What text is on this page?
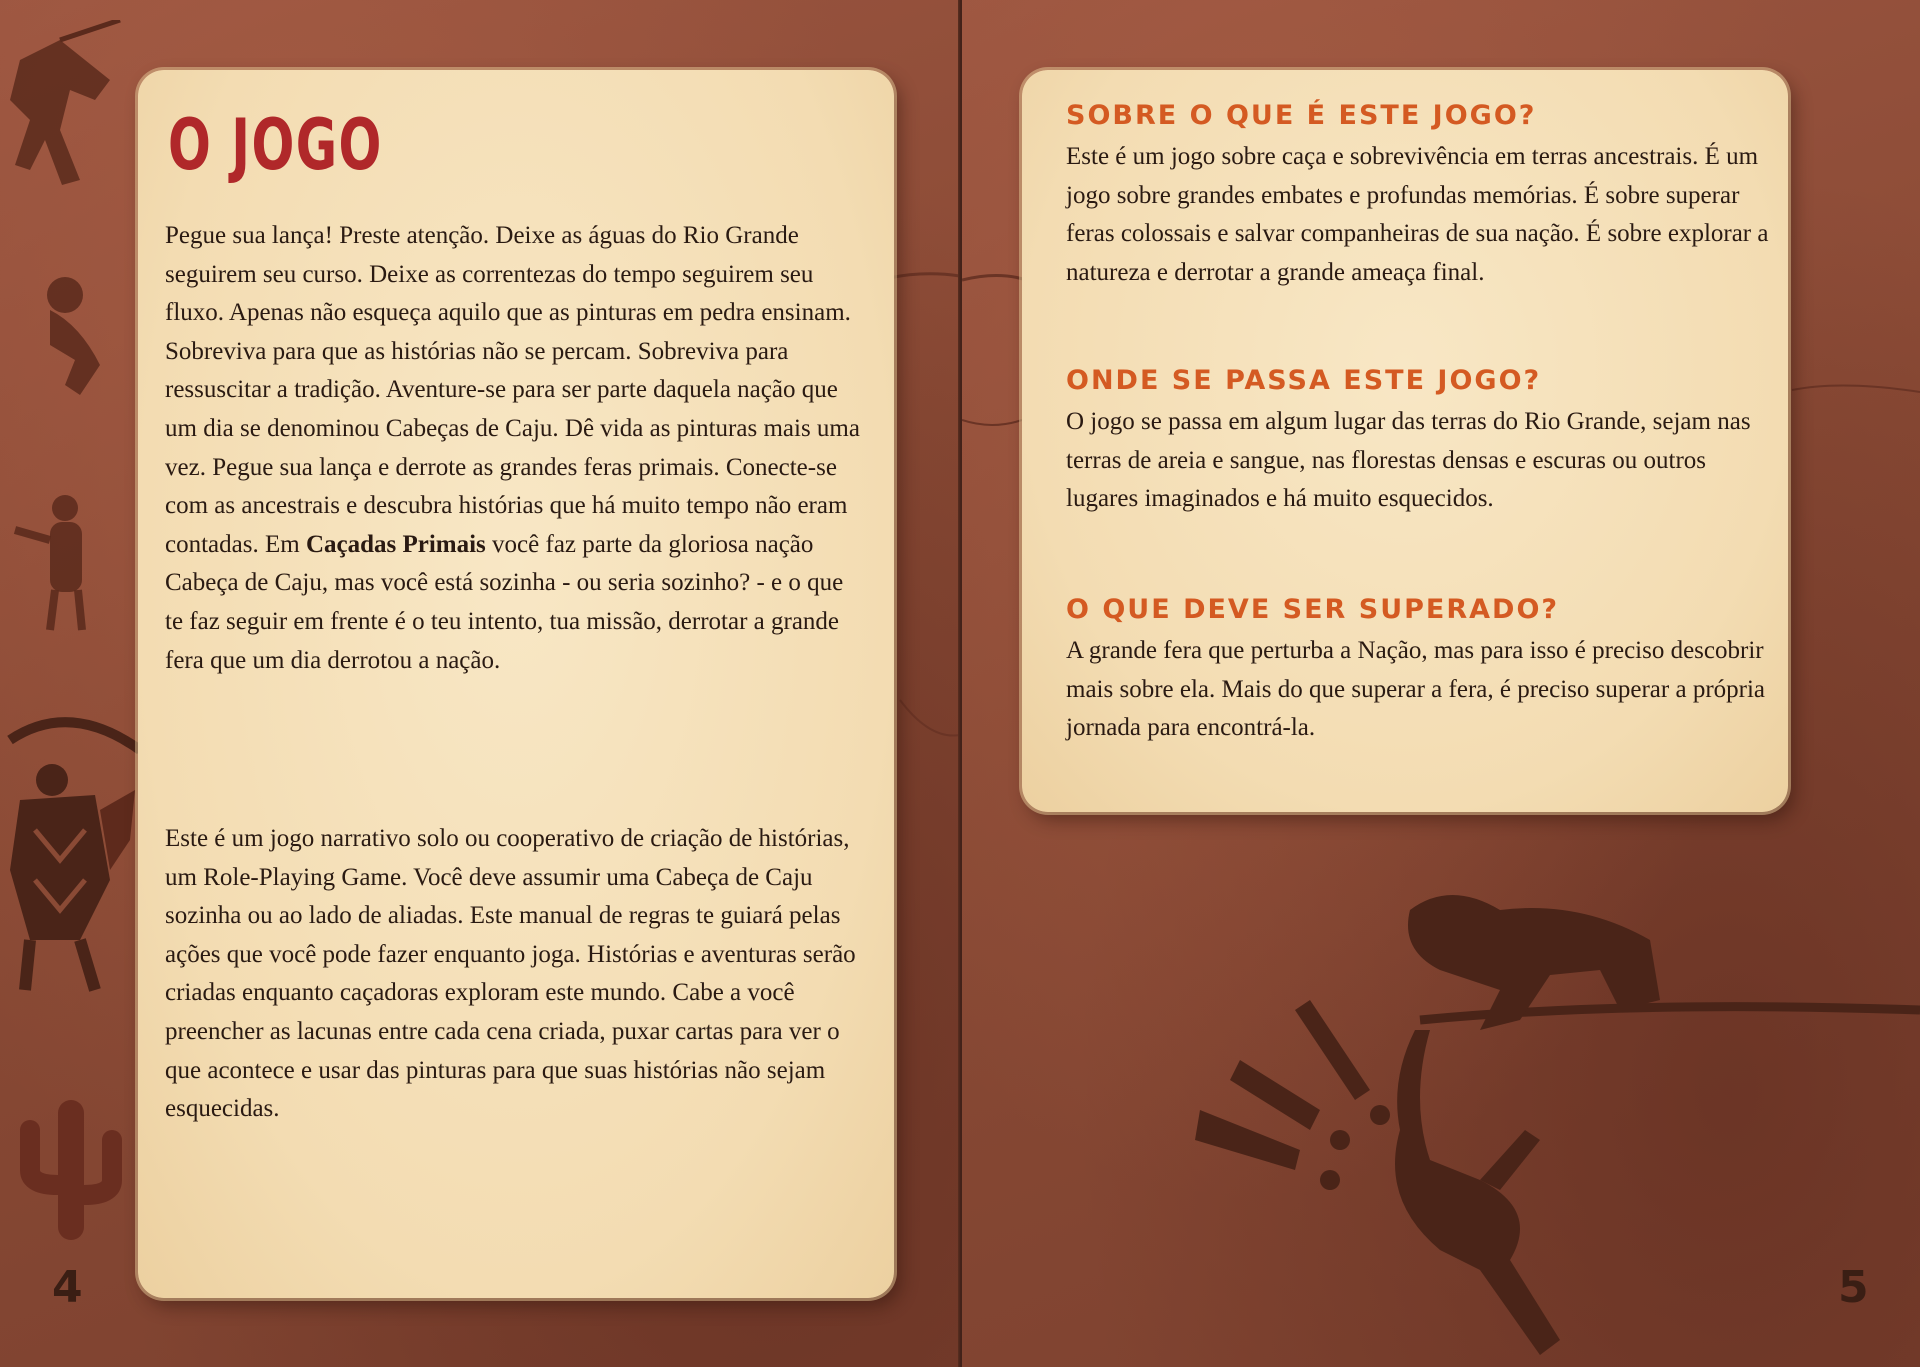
O JOGO

Pegue sua lança! Preste atenção. Deixe as águas do Rio Grande seguirem seu curso. Deixe as correntezas do tempo seguirem seu fluxo. Apenas não esqueça aquilo que as pinturas em pedra ensinam. Sobreviva para que as histórias não se percam. Sobreviva para ressuscitar a tradição. Aventure-se para ser parte daquela nação que um dia se denominou Cabeças de Caju. Dê vida as pinturas mais uma vez. Pegue sua lança e derrote as grandes feras primais. Conecte-se com as ancestrais e descubra histórias que há muito tempo não eram contadas. Em Caçadas Primais você faz parte da gloriosa nação Cabeça de Caju, mas você está sozinha - ou seria sozinho? - e o que te faz seguir em frente é o teu intento, tua missão, derrotar a grande fera que um dia derrotou a nação.

Este é um jogo narrativo solo ou cooperativo de criação de histórias, um Role-Playing Game. Você deve assumir uma Cabeça de Caju sozinha ou ao lado de aliadas. Este manual de regras te guiará pelas ações que você pode fazer enquanto joga. Histórias e aventuras serão criadas enquanto caçadoras exploram este mundo. Cabe a você preencher as lacunas entre cada cena criada, puxar cartas para ver o que acontece e usar das pinturas para que suas histórias não sejam esquecidas.

4
SOBRE O QUE É ESTE JOGO?

Este é um jogo sobre caça e sobrevivência em terras ancestrais. É um jogo sobre grandes embates e profundas memórias. É sobre superar feras colossais e salvar companheiras de sua nação. É sobre explorar a natureza e derrotar a grande ameaça final.

ONDE SE PASSA ESTE JOGO?

O jogo se passa em algum lugar das terras do Rio Grande, sejam nas terras de areia e sangue, nas florestas densas e escuras ou outros lugares imaginados e há muito esquecidos.

O QUE DEVE SER SUPERADO?

A grande fera que perturba a Nação, mas para isso é preciso descobrir mais sobre ela. Mais do que superar a fera, é preciso superar a própria jornada para encontrá-la.

5
